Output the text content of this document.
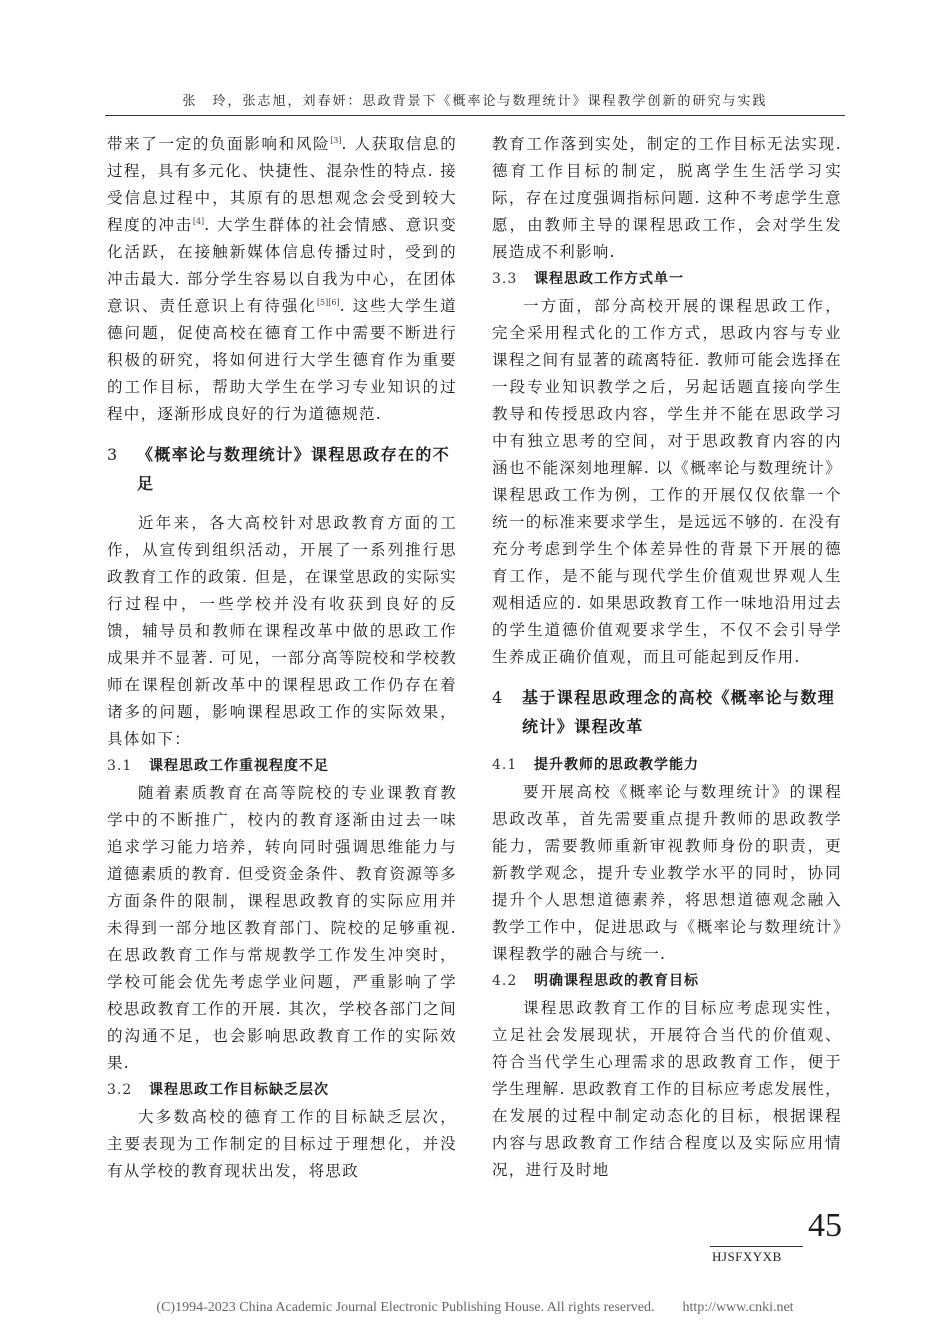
张　玲，张志旭，刘春妍：思政背景下《概率论与数理统计》课程教学创新的研究与实践

带来了一定的负面影响和风险[3]. 人获取信息的过程，具有多元化、快捷性、混杂性的特点. 接受信息过程中，其原有的思想观念会受到较大程度的冲击[4]. 大学生群体的社会情感、意识变化活跃，在接触新媒体信息传播过时，受到的冲击最大. 部分学生容易以自我为中心，在团体意识、责任意识上有待强化[5][6]. 这些大学生道德问题，促使高校在德育工作中需要不断进行积极的研究，将如何进行大学生德育作为重要的工作目标，帮助大学生在学习专业知识的过程中，逐渐形成良好的行为道德规范.

3	《概率论与数理统计》课程思政存在的不足

近年来，各大高校针对思政教育方面的工作，从宣传到组织活动，开展了一系列推行思政教育工作的政策. 但是，在课堂思政的实际实行过程中，一些学校并没有收获到良好的反馈，辅导员和教师在课程改革中做的思政工作成果并不显著. 可见，一部分高等院校和学校教师在课程创新改革中的课程思政工作仍存在着诸多的问题，影响课程思政工作的实际效果，具体如下：

3.1	课程思政工作重视程度不足

随着素质教育在高等院校的专业课教育教学中的不断推广，校内的教育逐渐由过去一味追求学习能力培养，转向同时强调思维能力与道德素质的教育. 但受资金条件、教育资源等多方面条件的限制，课程思政教育的实际应用并未得到一部分地区教育部门、院校的足够重视. 在思政教育工作与常规教学工作发生冲突时，学校可能会优先考虑学业问题，严重影响了学校思政教育工作的开展. 其次，学校各部门之间的沟通不足，也会影响思政教育工作的实际效果.

3.2	课程思政工作目标缺乏层次

大多数高校的德育工作的目标缺乏层次，主要表现为工作制定的目标过于理想化，并没有从学校的教育现状出发，将思政

教育工作落到实处，制定的工作目标无法实现. 德育工作目标的制定，脱离学生生活学习实际，存在过度强调指标问题. 这种不考虑学生意愿，由教师主导的课程思政工作，会对学生发展造成不利影响.

3.3	课程思政工作方式单一

一方面，部分高校开展的课程思政工作，完全采用程式化的工作方式，思政内容与专业课程之间有显著的疏离特征. 教师可能会选择在一段专业知识教学之后，另起话题直接向学生教导和传授思政内容，学生并不能在思政学习中有独立思考的空间，对于思政教育内容的内涵也不能深刻地理解. 以《概率论与数理统计》课程思政工作为例，工作的开展仅仅依靠一个统一的标准来要求学生，是远远不够的. 在没有充分考虑到学生个体差异性的背景下开展的德育工作，是不能与现代学生价值观世界观人生观相适应的. 如果思政教育工作一味地沿用过去的学生道德价值观要求学生，不仅不会引导学生养成正确价值观，而且可能起到反作用.

4	基于课程思政理念的高校《概率论与数理统计》课程改革
4.1	提升教师的思政教学能力

要开展高校《概率论与数理统计》的课程思政改革，首先需要重点提升教师的思政教学能力，需要教师重新审视教师身份的职责，更新教学观念，提升专业教学水平的同时，协同提升个人思想道德素养，将思想道德观念融入教学工作中，促进思政与《概率论与数理统计》课程教学的融合与统一.

4.2	明确课程思政的教育目标

课程思政教育工作的目标应考虑现实性，立足社会发展现状，开展符合当代的价值观、符合当代学生心理需求的思政教育工作，便于学生理解. 思政教育工作的目标应考虑发展性，在发展的过程中制定动态化的目标，根据课程内容与思政教育工作结合程度以及实际应用情况，进行及时地

45
HJSFXYXB
(C)1994-2023 China Academic Journal Electronic Publishing House. All rights reserved.　　http://www.cnki.net
